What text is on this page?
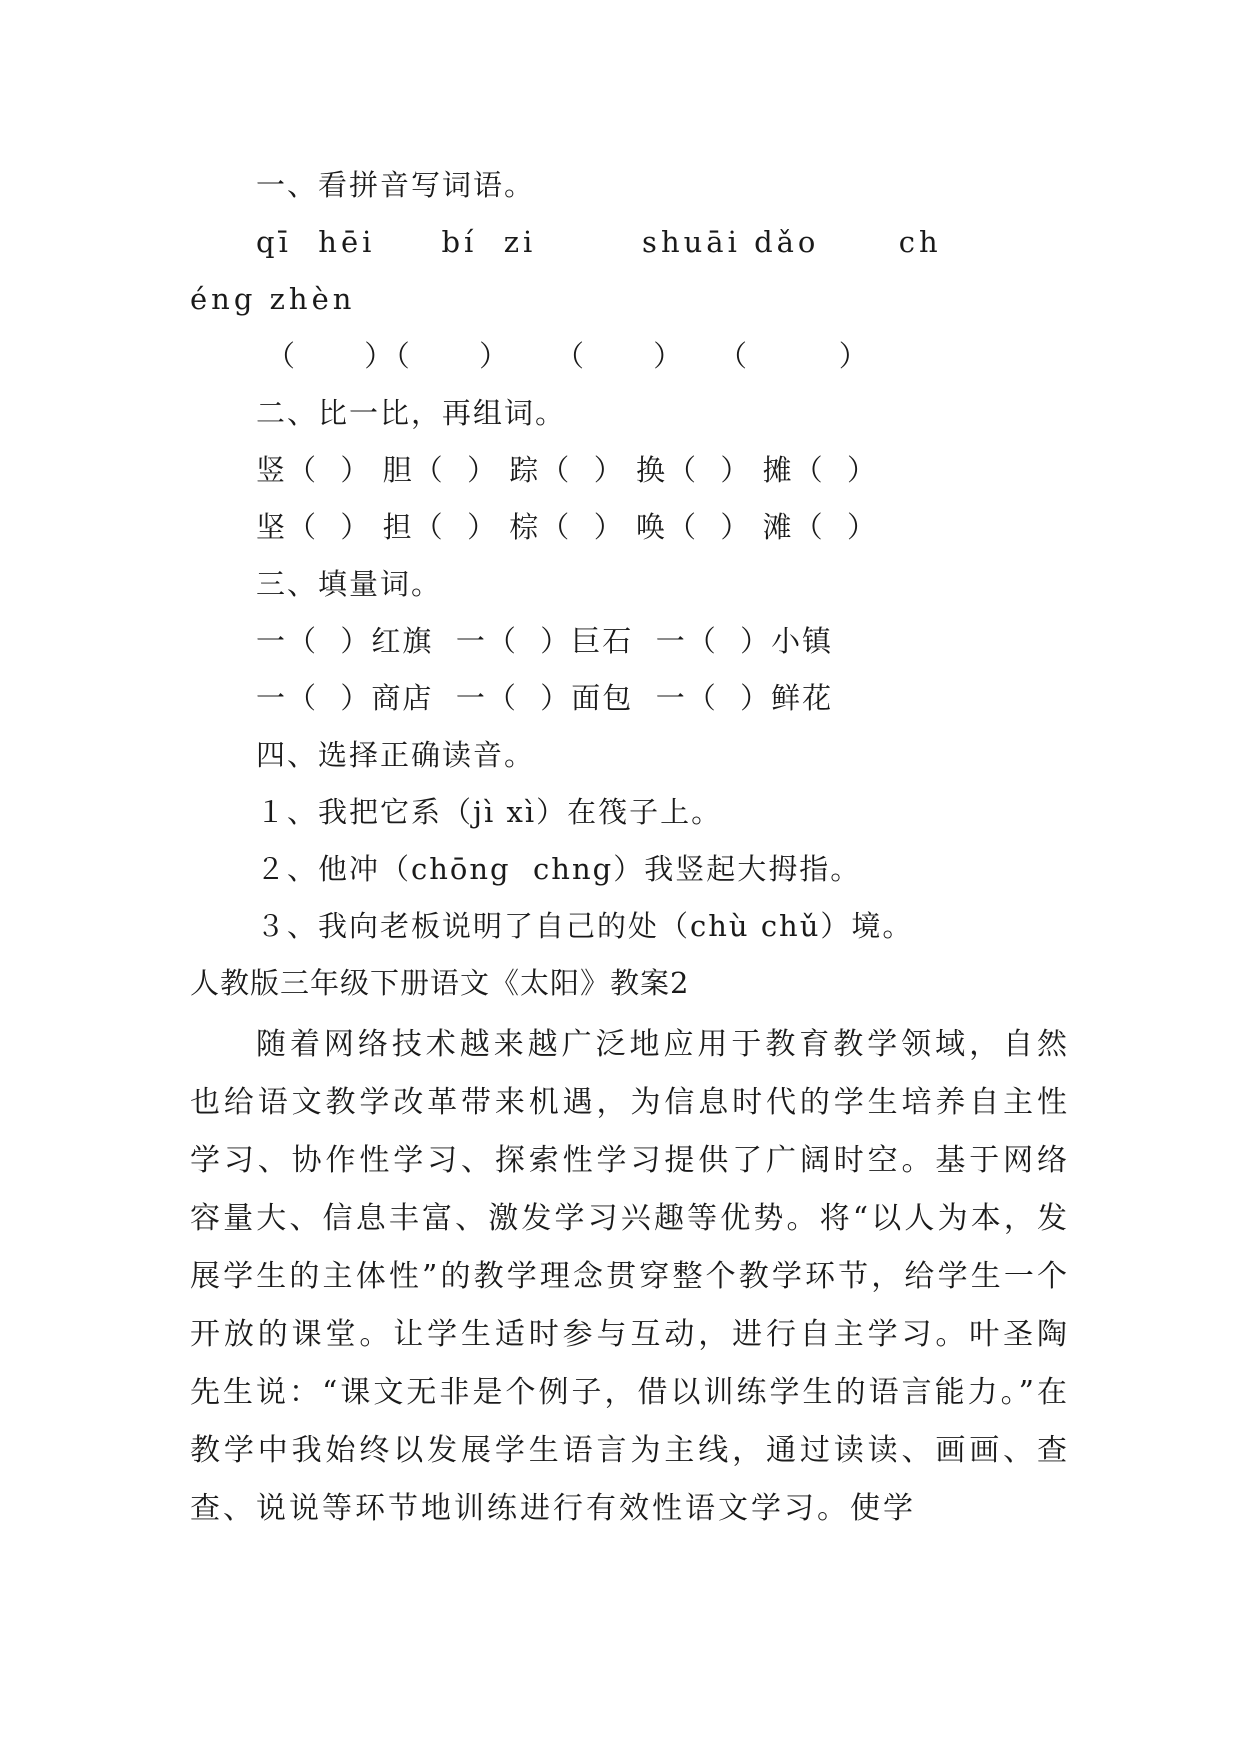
一、看拼音写词语。
qī  hēi     bí  zi        shuāi dǎo      ch
éng zhèn
（      ）（      ）    （      ）   （        ）
二、比一比，再组词。
竖（  ） 胆（  ） 踪（  ） 换（  ） 摊（  ）
坚（  ） 担（  ） 棕（  ） 唤（  ） 滩（  ）
三、填量词。
一（  ）红旗  一（  ）巨石  一（  ）小镇
一（  ）商店  一（  ）面包  一（  ）鲜花
四、选择正确读音。
１、我把它系（jì xì）在筏子上。
２、他冲（chōng  chng）我竖起大拇指。
３、我向老板说明了自己的处（chù chǔ）境。
人教版三年级下册语文《太阳》教案2

随着网络技术越来越广泛地应用于教育教学领域，自然也给语文教学改革带来机遇，为信息时代的学生培养自主性学习、协作性学习、探索性学习提供了广阔时空。基于网络容量大、信息丰富、激发学习兴趣等优势。将“以人为本，发展学生的主体性”的教学理念贯穿整个教学环节，给学生一个开放的课堂。让学生适时参与互动，进行自主学习。叶圣陶先生说：“课文无非是个例子，借以训练学生的语言能力。”在教学中我始终以发展学生语言为主线，通过读读、画画、查查、说说等环节地训练进行有效性语文学习。使学
